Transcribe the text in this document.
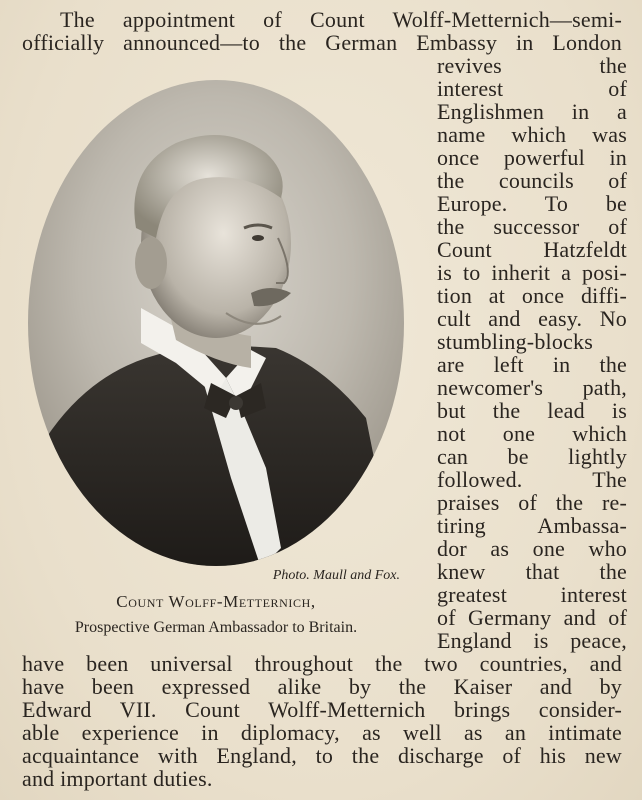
The appointment of Count Wolff-Metternich—semi-
officially announced—to the German Embassy in London
Photo. Maull and Fox.
Count Wolff-Metternich,
Prospective German Ambassador to Britain.
revives the
interest of
Englishmen in a
name which was
once powerful in
the councils of
Europe. To be
the successor of
Count Hatzfeldt
is to inherit a posi-
tion at once diffi-
cult and easy. No
stumbling-blocks
are left in the
newcomer's path,
but the lead is
not one which
can be lightly
followed. The
praises of the re-
tiring Ambassa-
dor as one who
knew that the
greatest interest
of Germany and of
England is peace,
have been universal throughout the two countries, and
have been expressed alike by the Kaiser and by
Edward VII. Count Wolff-Metternich brings consider-
able experience in diplomacy, as well as an intimate
acquaintance with England, to the discharge of his new
and important duties.
